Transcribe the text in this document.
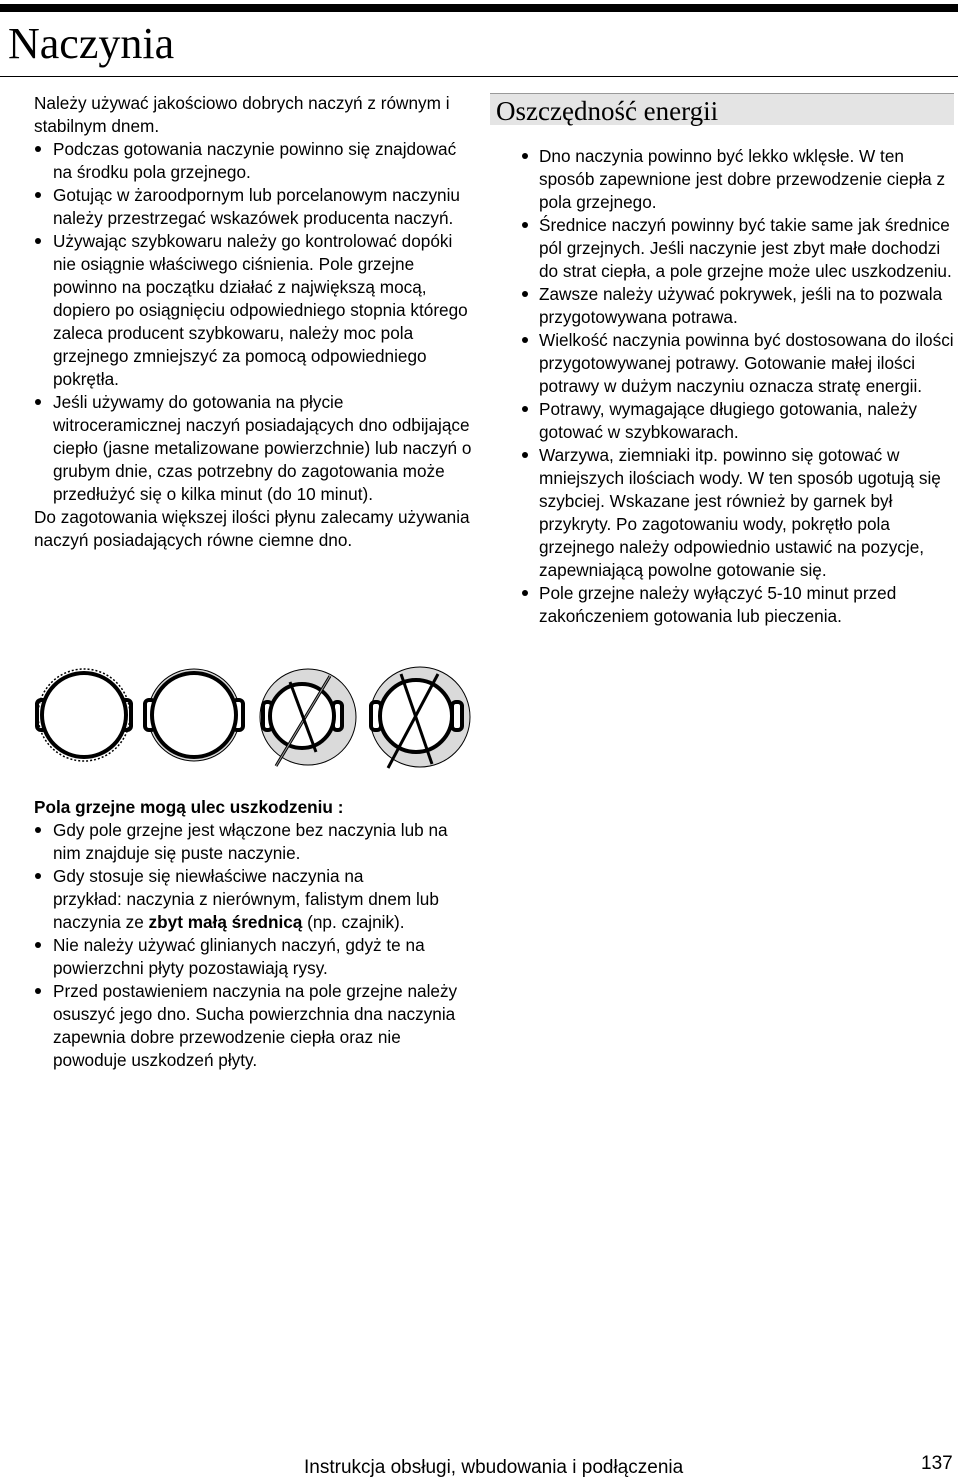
Naczynia

Należy używać jakościowo dobrych naczyń z równym i stabilnym dnem.

Podczas gotowania naczynie powinno się znajdować na środku pola grzejnego.
Gotując w żaroodpornym lub porcelanowym naczyniu należy przestrzegać wskazówek producenta naczyń.
Używając szybkowaru należy go kontrolować dopóki nie osiągnie właściwego ciśnienia. Pole grzejne powinno na początku działać z największą mocą, dopiero po osiągnięciu odpowiedniego stopnia którego zaleca producent szybkowaru, należy moc pola grzejnego zmniejszyć za pomocą odpowiedniego pokrętła.
Jeśli używamy do gotowania na płycie witroceramicznej naczyń posiadających dno odbijające ciepło (jasne metalizowane powierzchnie) lub naczyń o grubym dnie, czas potrzebny do zagotowania może przedłużyć się o kilka minut (do 10 minut).

Do zagotowania większej ilości płynu zalecamy używania naczyń posiadających równe ciemne dno.

Oszczędność energii
Dno naczynia powinno być lekko wklęsłe. W ten sposób zapewnione jest dobre przewodzenie ciepła z pola grzejnego.
Średnice naczyń powinny być takie same jak średnice pól grzejnych. Jeśli naczynie jest zbyt małe dochodzi do strat ciepła, a pole grzejne może ulec uszkodzeniu.
Zawsze należy używać pokrywek, jeśli na to pozwala przygotowywana potrawa.
Wielkość naczynia powinna być dostosowana do ilości przygotowywanej potrawy. Gotowanie małej ilości potrawy w dużym naczyniu oznacza stratę energii.
Potrawy, wymagające długiego gotowania, należy gotować w szybkowarach.
Warzywa, ziemniaki itp. powinno się gotować w mniejszych ilościach wody. W ten sposób ugotują się szybciej. Wskazane jest również by garnek był przykryty. Po zagotowaniu wody, pokrętło pola grzejnego należy odpowiednio ustawić na pozycje, zapewniającą powolne gotowanie się.
Pole grzejne należy wyłączyć 5-10 minut przed zakończeniem gotowania lub pieczenia.

Pola grzejne mogą ulec uszkodzeniu :

Gdy pole grzejne jest włączone bez naczynia lub na nim znajduje się puste naczynie.
Gdy stosuje się niewłaściwe naczynia na
przykład: naczynia z nierównym, falistym dnem lub naczynia ze zbyt małą średnicą (np. czajnik).
Nie należy używać glinianych naczyń, gdyż te na powierzchni płyty pozostawiają rysy.
Przed postawieniem naczynia na pole grzejne należy osuszyć jego dno. Sucha powierzchnia dna naczynia zapewnia dobre przewodzenie ciepła oraz nie powoduje uszkodzeń płyty.
Instrukcja obsługi, wbudowania i podłączenia	137
